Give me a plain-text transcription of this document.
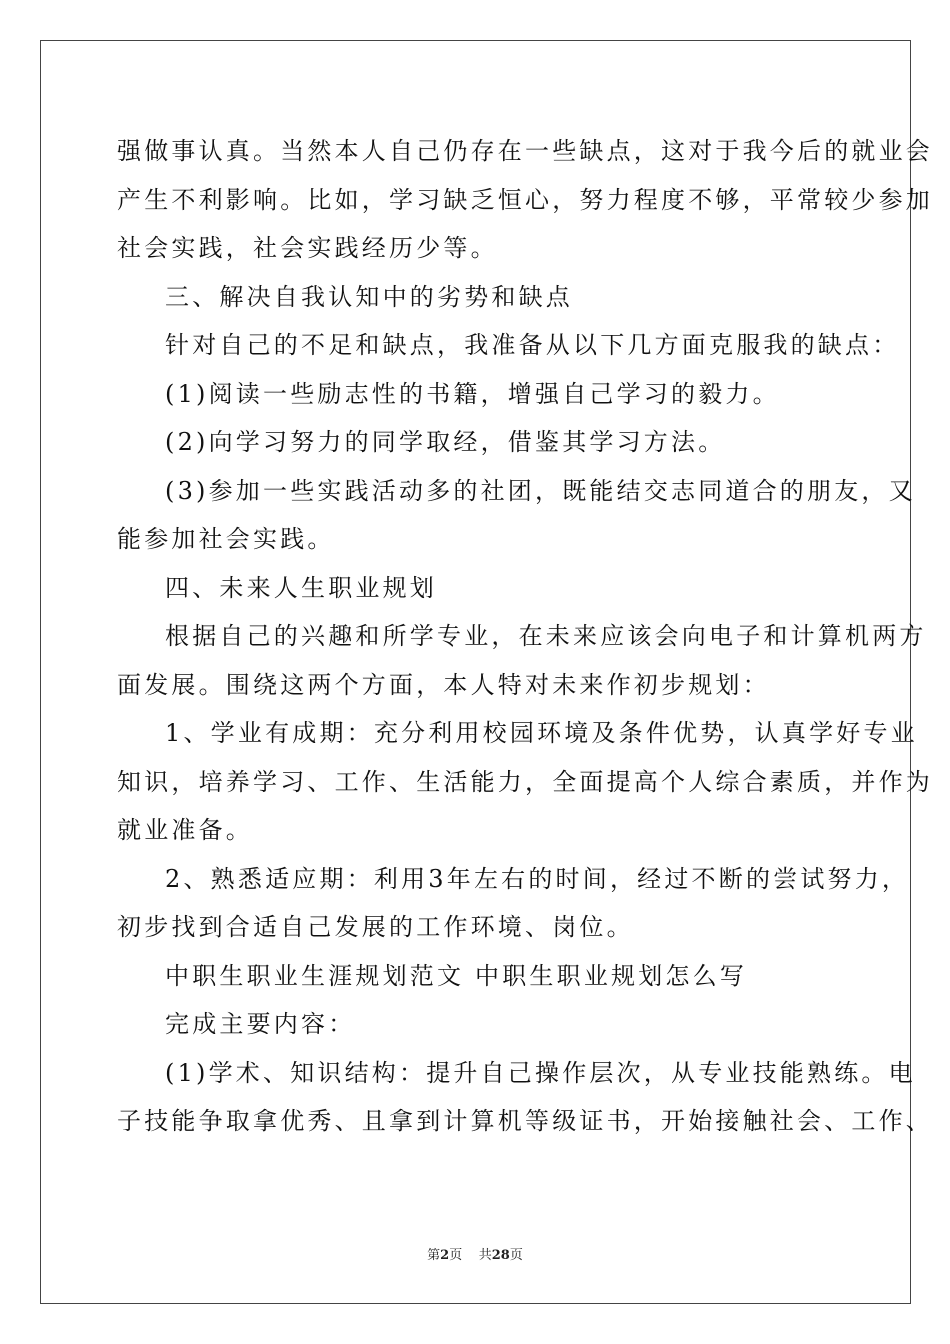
强做事认真。当然本人自己仍存在一些缺点，这对于我今后的就业会
产生不利影响。比如，学习缺乏恒心，努力程度不够，平常较少参加
社会实践，社会实践经历少等。
三、解决自我认知中的劣势和缺点
针对自己的不足和缺点，我准备从以下几方面克服我的缺点：
(1)阅读一些励志性的书籍，增强自己学习的毅力。
(2)向学习努力的同学取经，借鉴其学习方法。
(3)参加一些实践活动多的社团，既能结交志同道合的朋友，又
能参加社会实践。
四、未来人生职业规划
根据自己的兴趣和所学专业，在未来应该会向电子和计算机两方
面发展。围绕这两个方面，本人特对未来作初步规划：
1、学业有成期：充分利用校园环境及条件优势，认真学好专业
知识，培养学习、工作、生活能力，全面提高个人综合素质，并作为
就业准备。
2、熟悉适应期：利用3年左右的时间，经过不断的尝试努力，
初步找到合适自己发展的工作环境、岗位。
中职生职业生涯规划范文 中职生职业规划怎么写
完成主要内容：
(1)学术、知识结构：提升自己操作层次，从专业技能熟练。电
子技能争取拿优秀、且拿到计算机等级证书，开始接触社会、工作、
第2页 共28页
